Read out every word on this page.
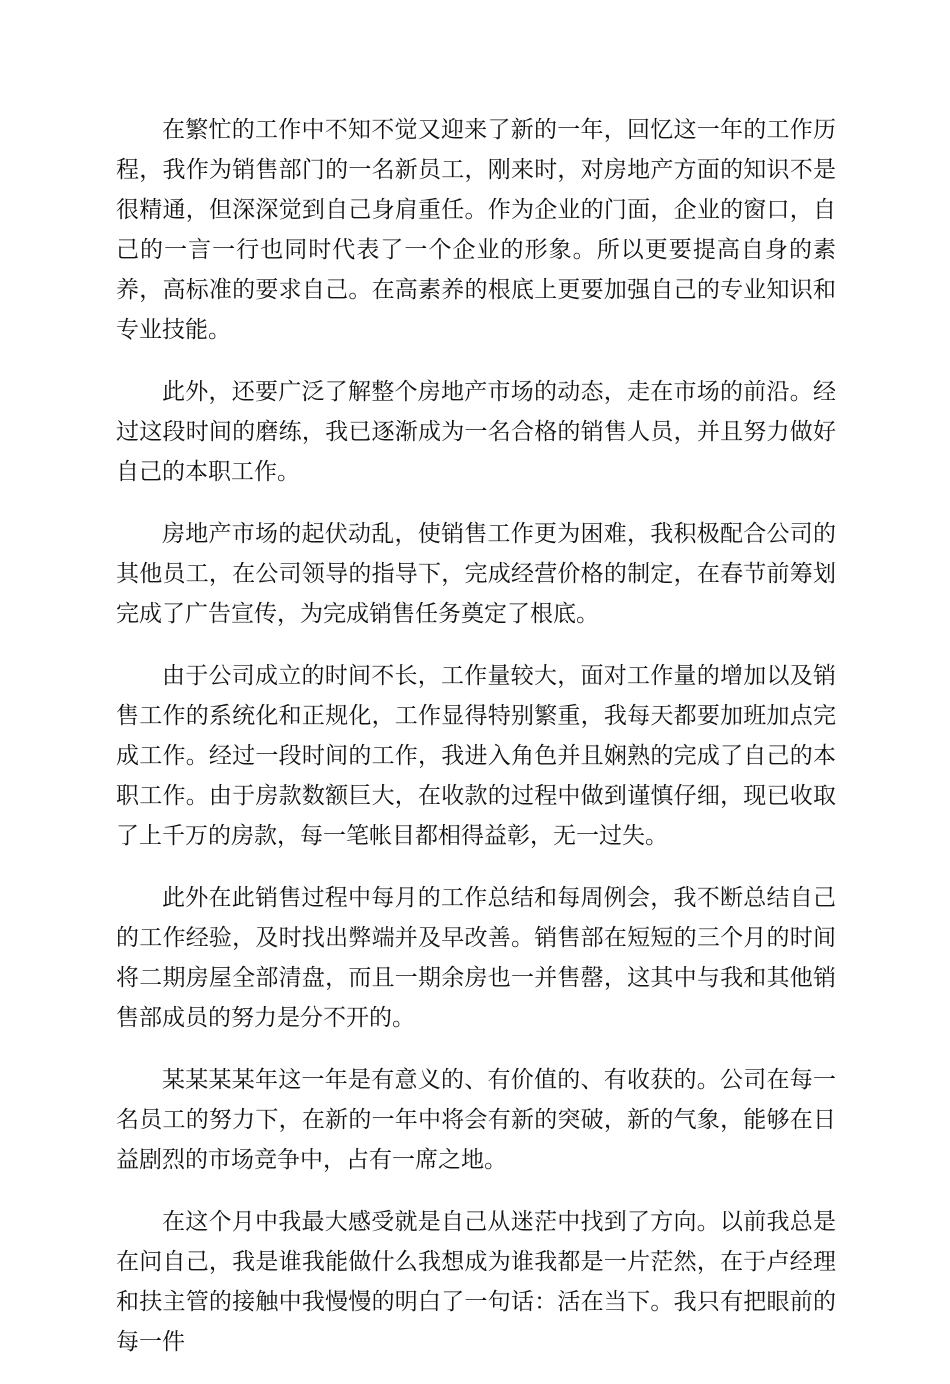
在繁忙的工作中不知不觉又迎来了新的一年，回忆这一年的工作历程，我作为销售部门的一名新员工，刚来时，对房地产方面的知识不是很精通，但深深觉到自己身肩重任。作为企业的门面，企业的窗口，自己的一言一行也同时代表了一个企业的形象。所以更要提高自身的素养，高标准的要求自己。在高素养的根底上更要加强自己的专业知识和专业技能。

此外，还要广泛了解整个房地产市场的动态，走在市场的前沿。经过这段时间的磨练，我已逐渐成为一名合格的销售人员，并且努力做好自己的本职工作。

房地产市场的起伏动乱，使销售工作更为困难，我积极配合公司的其他员工，在公司领导的指导下，完成经营价格的制定，在春节前筹划完成了广告宣传，为完成销售任务奠定了根底。

由于公司成立的时间不长，工作量较大，面对工作量的增加以及销售工作的系统化和正规化，工作显得特别繁重，我每天都要加班加点完成工作。经过一段时间的工作，我进入角色并且娴熟的完成了自己的本职工作。由于房款数额巨大，在收款的过程中做到谨慎仔细，现已收取了上千万的房款，每一笔帐目都相得益彰，无一过失。

此外在此销售过程中每月的工作总结和每周例会，我不断总结自己的工作经验，及时找出弊端并及早改善。销售部在短短的三个月的时间将二期房屋全部清盘，而且一期余房也一并售罄，这其中与我和其他销售部成员的努力是分不开的。

某某某某年这一年是有意义的、有价值的、有收获的。公司在每一名员工的努力下，在新的一年中将会有新的突破，新的气象，能够在日益剧烈的市场竞争中，占有一席之地。

在这个月中我最大感受就是自己从迷茫中找到了方向。以前我总是在问自己，我是谁我能做什么我想成为谁我都是一片茫然，在于卢经理和扶主管的接触中我慢慢的明白了一句话：活在当下。我只有把眼前的每一件
